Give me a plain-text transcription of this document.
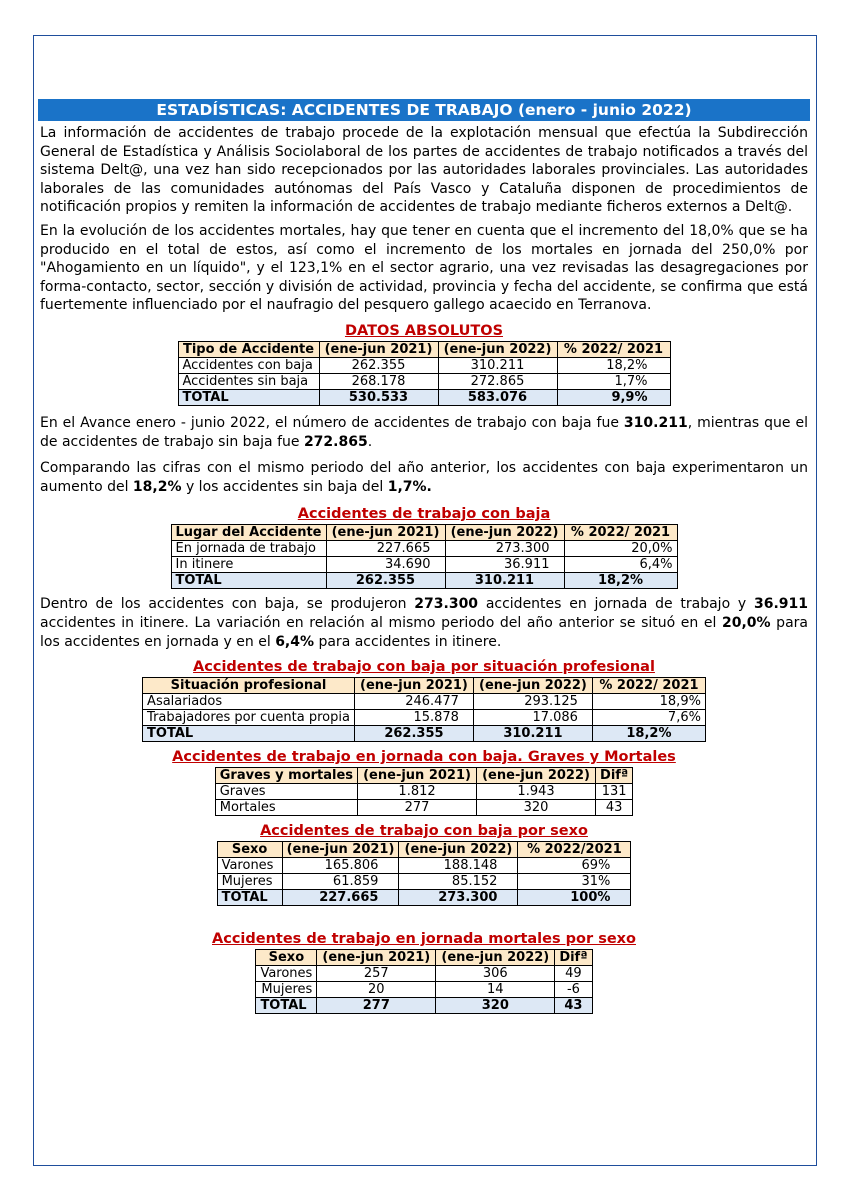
ESTADÍSTICAS: ACCIDENTES DE TRABAJO (enero - junio 2022)

La información de accidentes de trabajo procede de la explotación mensual que efectúa la Subdirección General de Estadística y Análisis Sociolaboral de los partes de accidentes de trabajo notificados a través del sistema Delt@, una vez han sido recepcionados por las autoridades laborales provinciales. Las autoridades laborales de las comunidades autónomas del País Vasco y Cataluña disponen de procedimientos de notificación propios y remiten la información de accidentes de trabajo mediante ficheros externos a Delt@.

En la evolución de los accidentes mortales, hay que tener en cuenta que el incremento del 18,0% que se ha producido en el total de estos, así como el incremento de los mortales en jornada del 250,0% por "Ahogamiento en un líquido", y el 123,1% en el sector agrario, una vez revisadas las desagregaciones por forma-contacto, sector, sección y división de actividad, provincia y fecha del accidente, se confirma que está fuertemente influenciado por el naufragio del pesquero gallego acaecido en Terranova.

DATOS ABSOLUTOS
Tipo de Accidente	(ene-jun 2021)	(ene-jun 2022)	% 2022/ 2021
Accidentes con baja	262.355	310.211	18,2%
Accidentes sin baja	268.178	272.865	1,7%
TOTAL	530.533	583.076	9,9%

En el Avance enero - junio 2022, el número de accidentes de trabajo con baja fue 310.211, mientras que el de accidentes de trabajo sin baja fue 272.865.

Comparando las cifras con el mismo periodo del año anterior, los accidentes con baja experimentaron un aumento del 18,2% y los accidentes sin baja del 1,7%.

Accidentes de trabajo con baja
Lugar del Accidente	(ene-jun 2021)	(ene-jun 2022)	% 2022/ 2021
En jornada de trabajo	227.665	273.300	20,0%
In itinere	34.690	36.911	6,4%
TOTAL	262.355	310.211	18,2%

Dentro de los accidentes con baja, se produjeron 273.300 accidentes en jornada de trabajo y 36.911 accidentes in itinere. La variación en relación al mismo periodo del año anterior se situó en el 20,0% para los accidentes en jornada y en el 6,4% para accidentes in itinere.

Accidentes de trabajo con baja por situación profesional
Situación profesional	(ene-jun 2021)	(ene-jun 2022)	% 2022/ 2021
Asalariados	246.477	293.125	18,9%
Trabajadores por cuenta propia	15.878	17.086	7,6%
TOTAL	262.355	310.211	18,2%
Accidentes de trabajo en jornada con baja. Graves y Mortales
Graves y mortales	(ene-jun 2021)	(ene-jun 2022)	Difª
Graves	1.812	1.943	131
Mortales	277	320	43
Accidentes de trabajo con baja por sexo
Sexo	(ene-jun 2021)	(ene-jun 2022)	% 2022/2021
Varones	165.806	188.148	69%
Mujeres	61.859	85.152	31%
TOTAL	227.665	273.300	100%
Accidentes de trabajo en jornada mortales por sexo
Sexo	(ene-jun 2021)	(ene-jun 2022)	Difª
Varones	257	306	49
Mujeres	20	14	-6
TOTAL	277	320	43
